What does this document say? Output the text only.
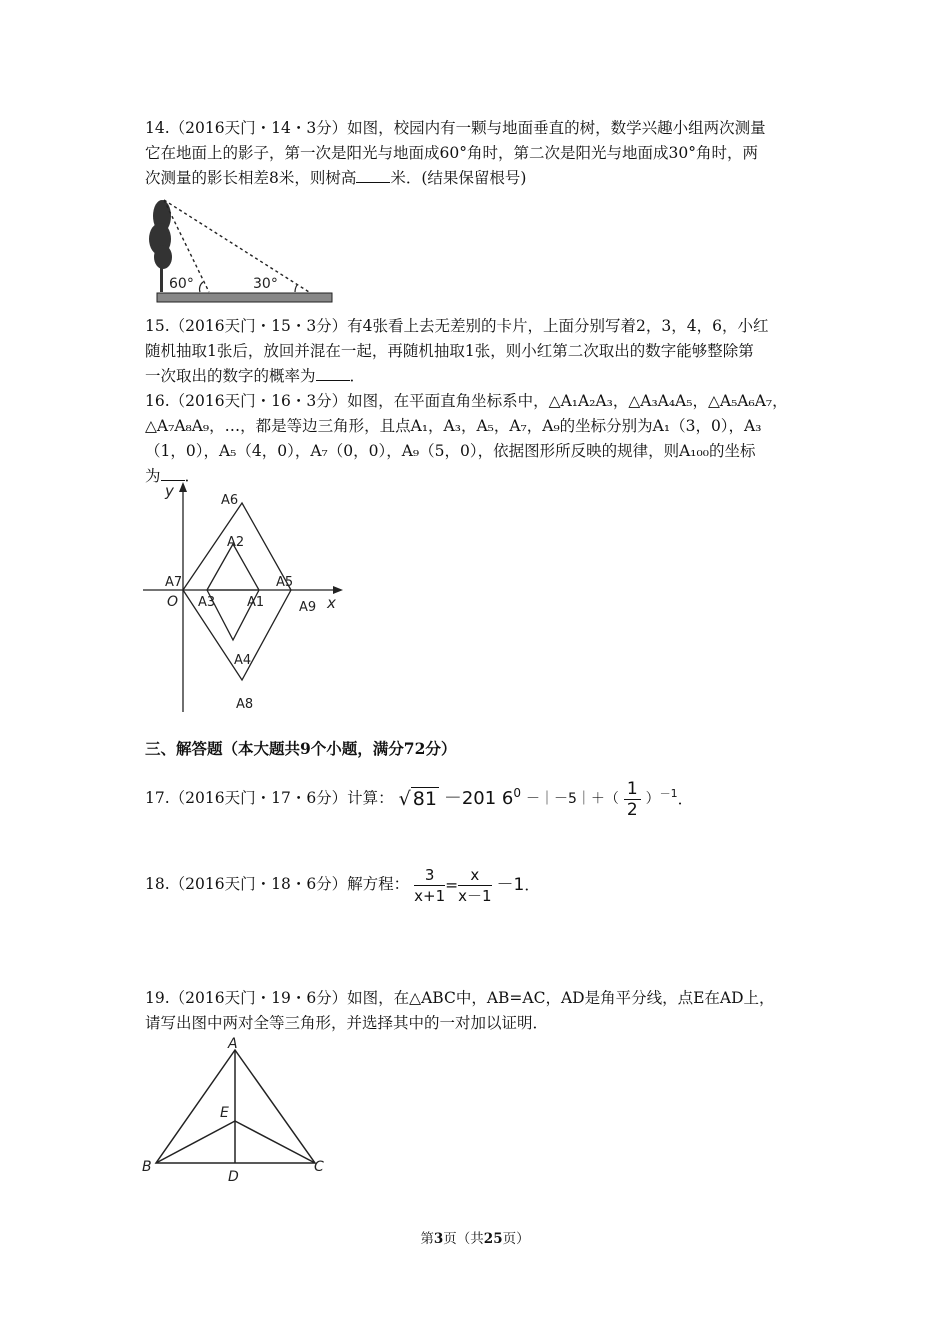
14.（2016天门・14・3分）如图，校园内有一颗与地面垂直的树，数学兴趣小组两次测量
它在地面上的影子，第一次是阳光与地面成60°角时，第二次是阳光与地面成30°角时，两
次测量的影长相差8米，则树高 米．(结果保留根号)
60°	30°
15.（2016天门・15・3分）有4张看上去无差别的卡片，上面分别写着2，3，4，6，小红
随机抽取1张后，放回并混在一起，再随机抽取1张，则小红第二次取出的数字能够整除第
一次取出的数字的概率为 ．
16.（2016天门・16・3分）如图，在平面直角坐标系中，△A₁A₂A₃，△A₃A₄A₅，△A₅A₆A₇，
△A₇A₈A₉，…，都是等边三角形，且点A₁，A₃，A₅，A₇，A₉的坐标分别为A₁（3，0），A₃
（1，0），A₅（4，0），A₇（0，0），A₉（5，0），依据图形所反映的规律，则A₁₀₀的坐标
为 ．
y
x
O
A6
A2
A7	A5
A3 A1	A9
A4
A8
三、解答题（本大题共9个小题，满分72分）
17.（2016天门・17・6分）计算： √ 81 －201 $6^0$ －｜－5｜＋（ $\frac{1}{2} )^{-1}$．
18.（2016天门・18・6分）解方程： $\frac{3}{x+1} = \frac{x}{x-1} -1$．
19.（2016天门・19・6分）如图，在△ABC中，AB=AC，AD是角平分线，点E在AD上，
请写出图中两对全等三角形，并选择其中的一对加以证明．
A
E
B	C
D
第3页（共25页）
